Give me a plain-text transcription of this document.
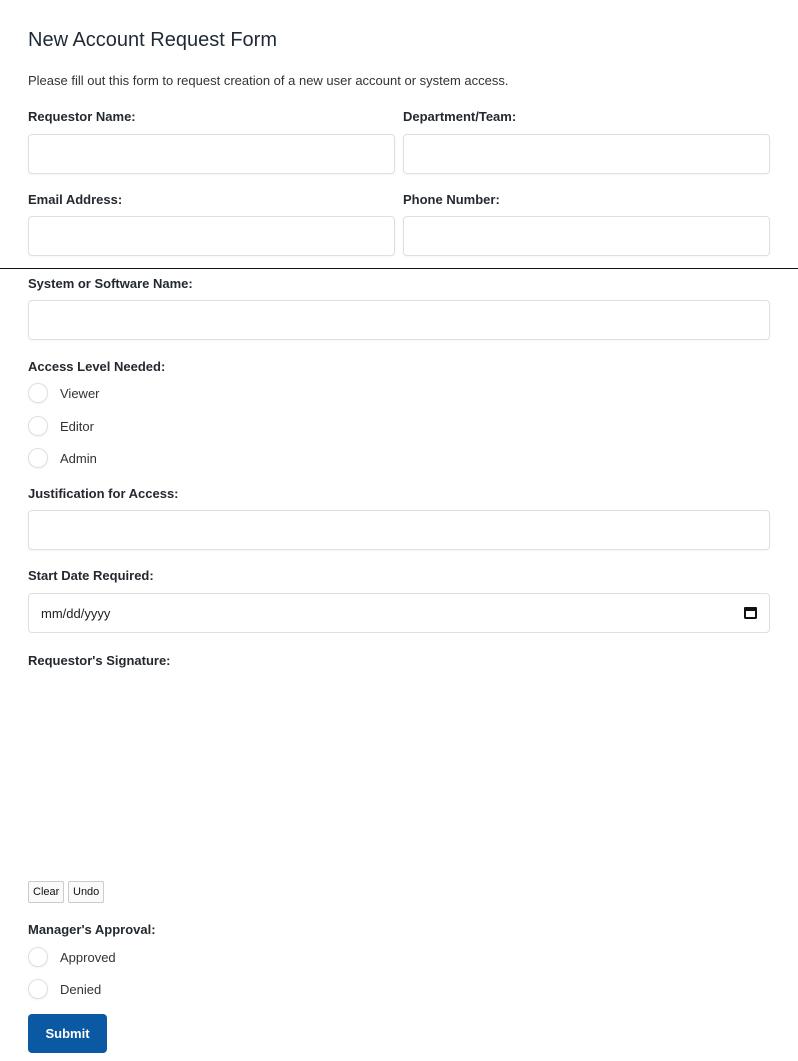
New Account Request Form
Please fill out this form to request creation of a new user account or system access.
Requestor Name:	Department/Team:
Email Address:	Phone Number:
System or Software Name:
Access Level Needed:
Viewer
Editor
Admin
Justification for Access:
Start Date Required:
mm/dd/yyyy
Requestor's Signature:
Clear	Undo
Manager's Approval:
Approved
Denied
Submit
